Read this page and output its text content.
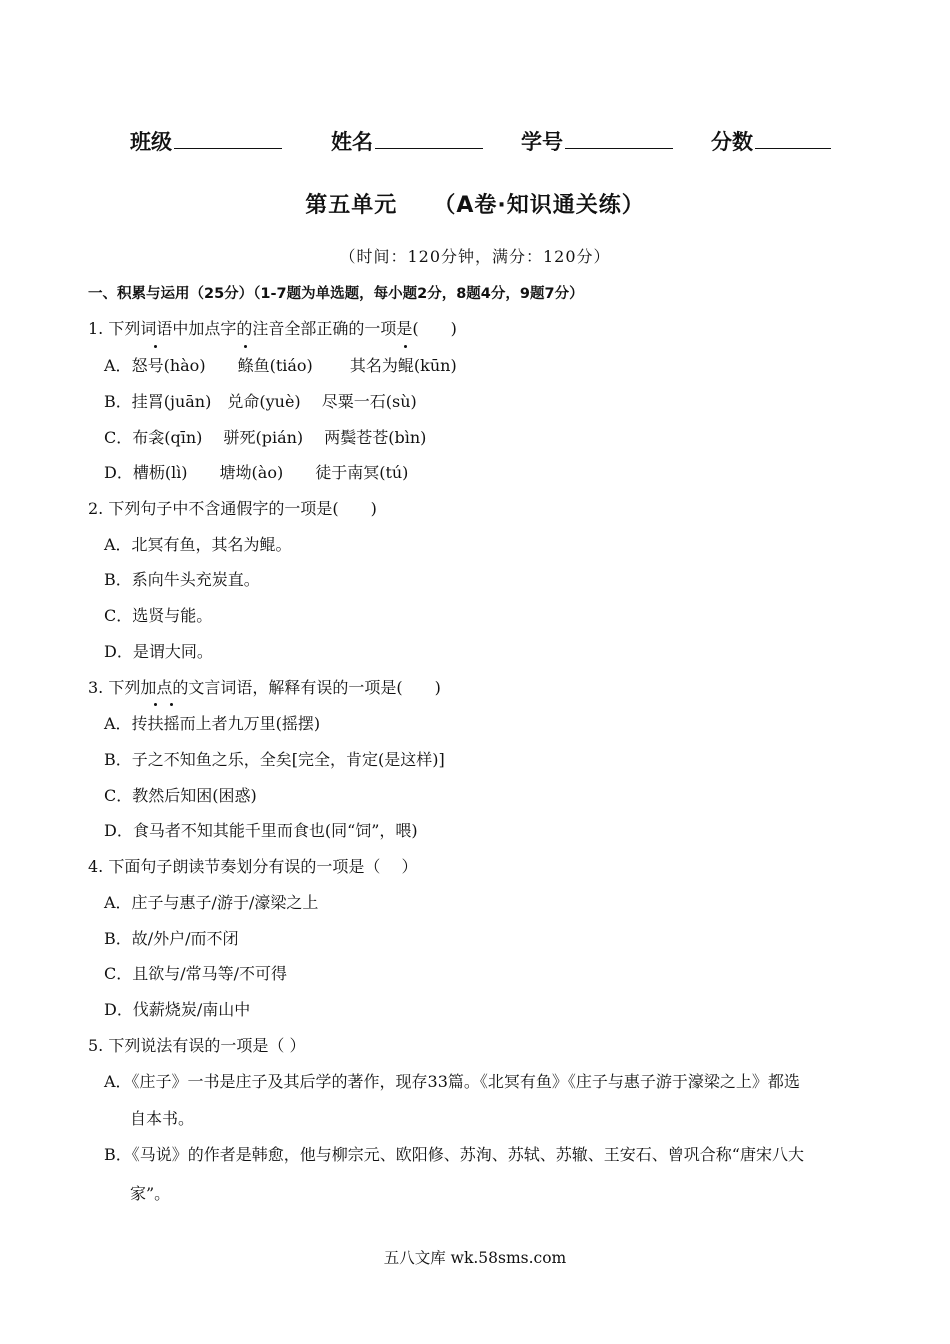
班级	姓名	学号	分数
第五单元 （A卷·知识通关练）
（时间：120分钟，满分：120分）
一、积累与运用（25分）（1-7题为单选题，每小题2分，8题4分，9题7分）
1. 下列词语中加点字的注音全部正确的一项是(　　)
A．怒号(hào)　　鲦鱼(tiáo)　　 其名为鲲(kūn)
B．挂罥(juān)　兑命(yuè)　 尽粟一石(sù)
C．布衾(qīn)　 骈死(pián)　 两鬓苍苍(bìn)
D．槽枥(lì)　　塘坳(ào)　　徒于南冥(tú)
2. 下列句子中不含通假字的一项是(　　)
A．北冥有鱼，其名为鲲。
B．系向牛头充炭直。
C．选贤与能。
D．是谓大同。
3. 下列加点的文言词语，解释有误的一项是(　　)
A．抟扶摇而上者九万里(摇摆)
B．子之不知鱼之乐，全矣[完全，肯定(是这样)]
C．教然后知困(困惑)
D．食马者不知其能千里而食也(同“饲”，喂)
4. 下面句子朗读节奏划分有误的一项是（　 ）
A．庄子与惠子/游于/濠梁之上
B．故/外户/而不闭
C．且欲与/常马等/不可得
D．伐薪烧炭/南山中
5. 下列说法有误的一项是（ ）
A．《庄子》一书是庄子及其后学的著作，现存33篇。《北冥有鱼》《庄子与惠子游于濠梁之上》都选
自本书。
B．《马说》的作者是韩愈，他与柳宗元、欧阳修、苏洵、苏轼、苏辙、王安石、曾巩合称“唐宋八大
家”。
五八文库 wk.58sms.com
